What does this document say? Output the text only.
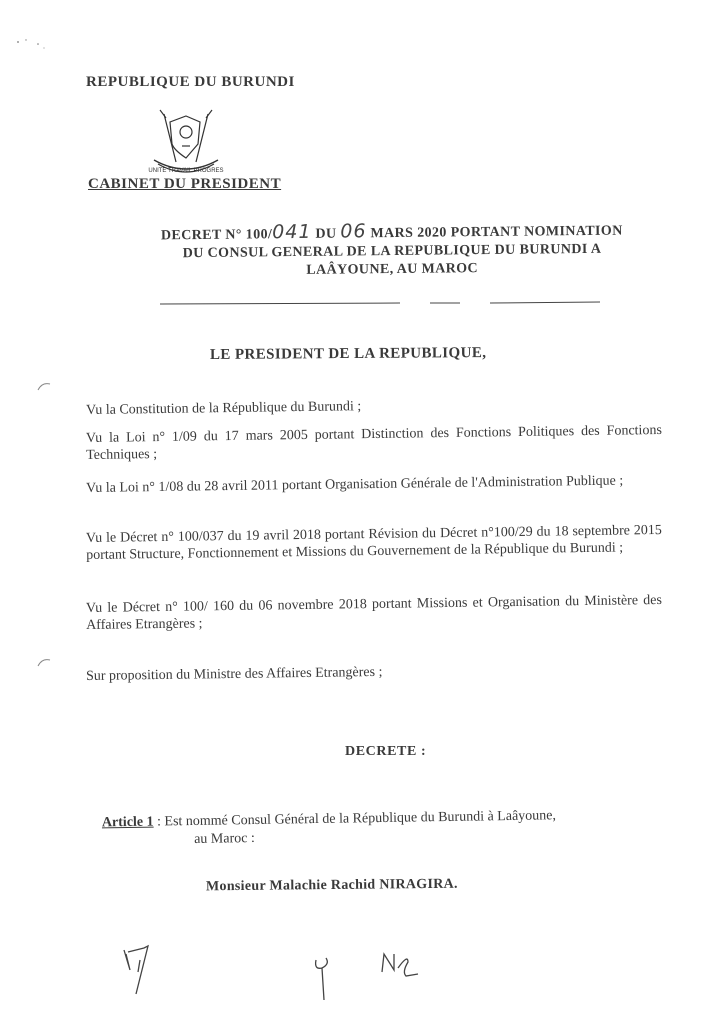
REPUBLIQUE DU BURUNDI
UNITE TRAVAIL PROGRES
CABINET DU PRESIDENT
DECRET N° 100/041 DU 06 MARS 2020 PORTANT NOMINATION
DU CONSUL GENERAL DE LA REPUBLIQUE DU BURUNDI A
LAÂYOUNE, AU MAROC
LE PRESIDENT DE LA REPUBLIQUE,
Vu la Constitution de la République du Burundi ;
Vu la Loi n° 1/09 du 17 mars 2005 portant Distinction des Fonctions Politiques des Fonctions Techniques ;
Vu la Loi n° 1/08 du 28 avril 2011 portant Organisation Générale de l'Administration Publique ;
Vu le Décret n° 100/037 du 19 avril 2018 portant Révision du Décret n°100/29 du 18 septembre 2015 portant Structure, Fonctionnement et Missions du Gouvernement de la République du Burundi ;
Vu le Décret n° 100/ 160 du 06 novembre 2018 portant Missions et Organisation du Ministère des Affaires Etrangères ;
Sur proposition du Ministre des Affaires Etrangères ;
DECRETE :
Article 1 : Est nommé Consul Général de la République du Burundi à Laâyoune,
au Maroc :
Monsieur Malachie Rachid NIRAGIRA.
